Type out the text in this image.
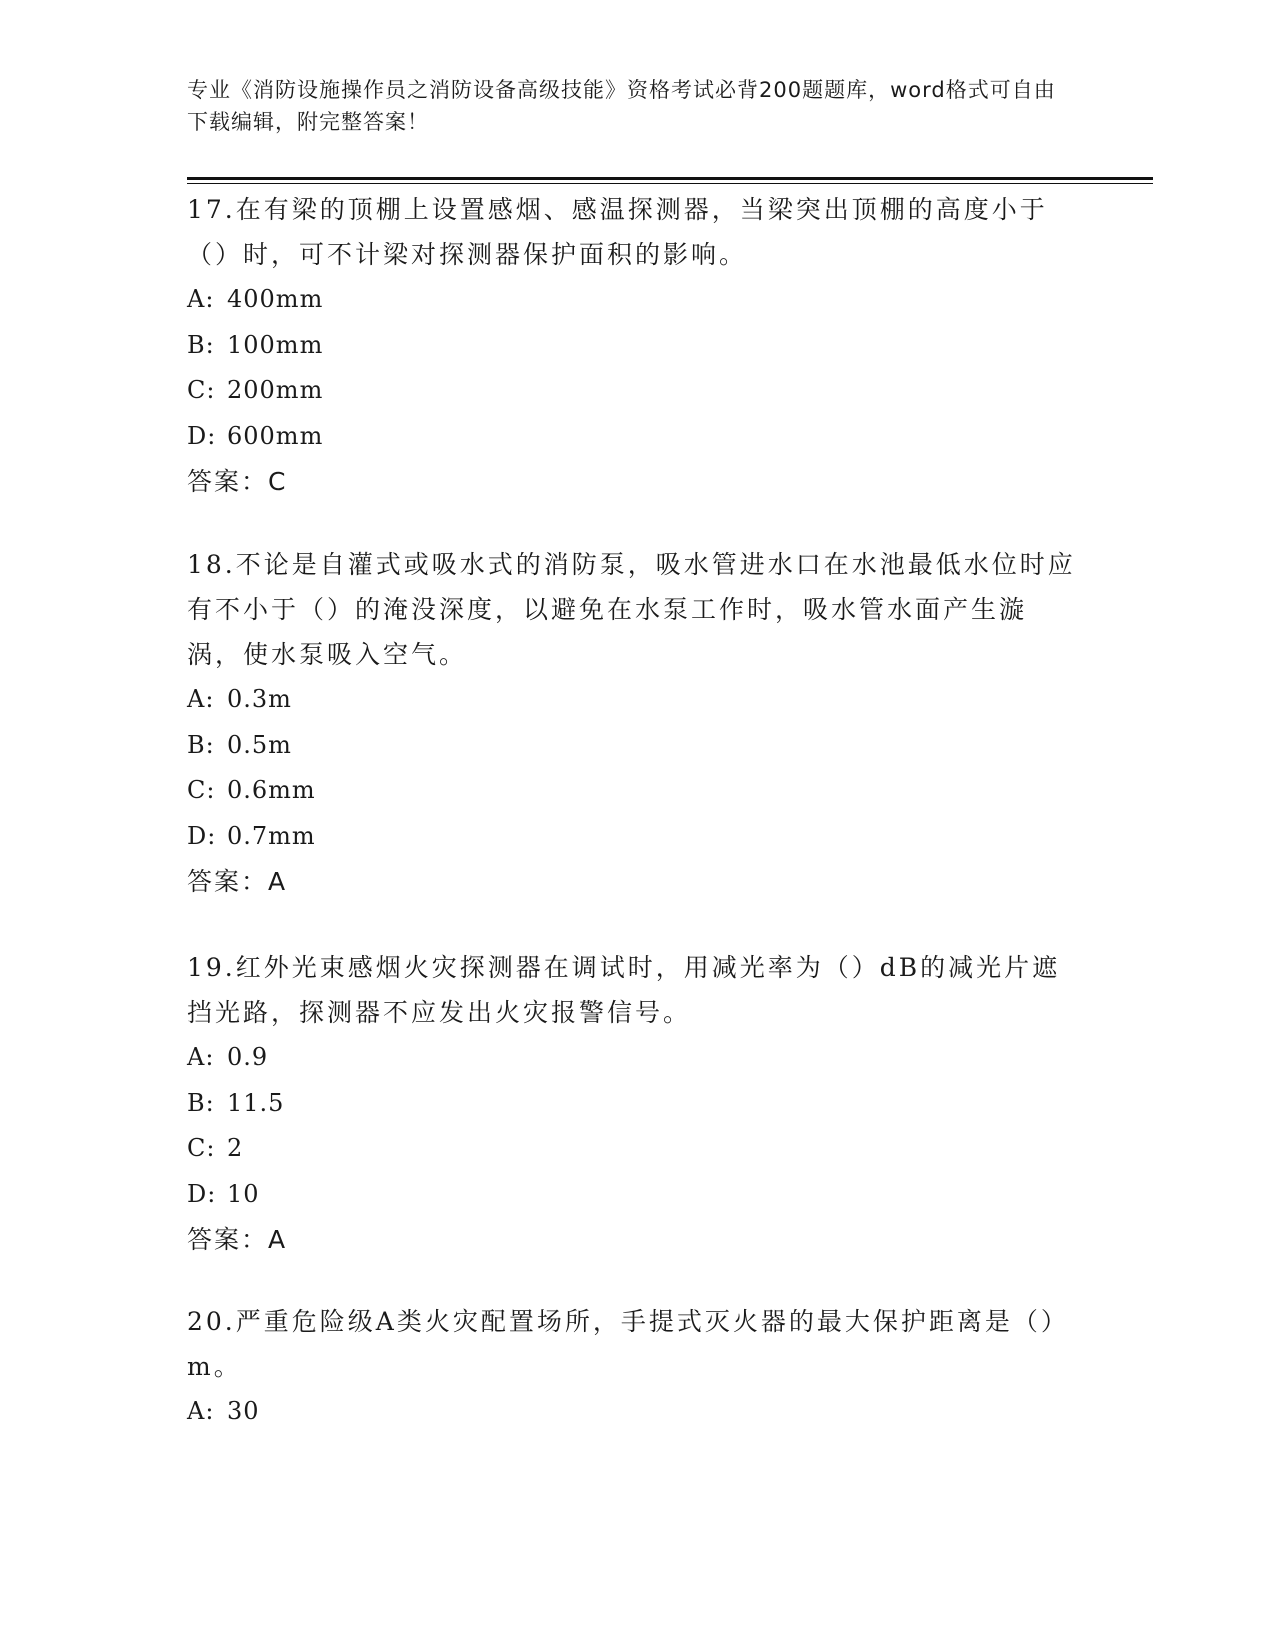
专业《消防设施操作员之消防设备高级技能》资格考试必背200题题库，word格式可自由下载编辑，附完整答案！

17.在有梁的顶棚上设置感烟、感温探测器，当梁突出顶棚的高度小于（）时，可不计梁对探测器保护面积的影响。

A: 400mm
B: 100mm
C: 200mm
D: 600mm
答案：C

18.不论是自灌式或吸水式的消防泵，吸水管进水口在水池最低水位时应有不小于（）的淹没深度，以避免在水泵工作时，吸水管水面产生漩涡，使水泵吸入空气。

A: 0.3m
B: 0.5m
C: 0.6mm
D: 0.7mm
答案：A

19.红外光束感烟火灾探测器在调试时，用减光率为（）dB的减光片遮挡光路，探测器不应发出火灾报警信号。

A: 0.9
B: 11.5
C: 2
D: 10
答案：A

20.严重危险级A类火灾配置场所，手提式灭火器的最大保护距离是（）m。

A: 30
